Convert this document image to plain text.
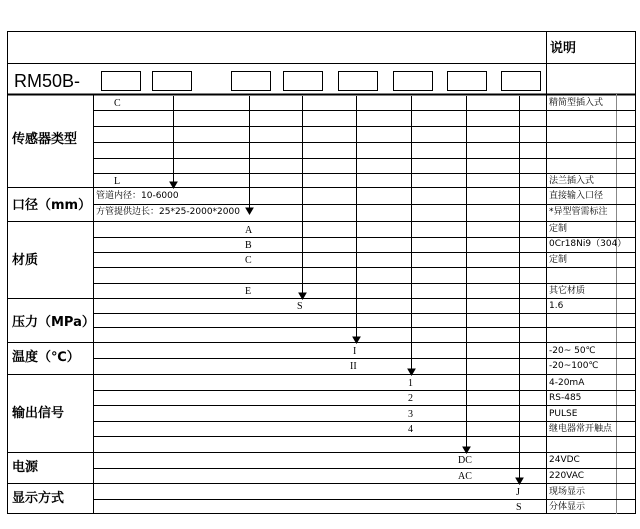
说明
RM50B-
传感器类型
口径（mm）
材质
压力（MPa）
温度（℃）
输出信号
电源
显示方式
C
L
A
B
C
E
S
I
II
1
2
3
4
DC
AC
J
S
管道内径：10-6000
方管提供边长：25*25-2000*2000
精简型插入式
法兰插入式
直接输入口径
*异型管需标注
定制
0Cr18Ni9（304）
定制
其它材质
1.6
-20~ 50℃
-20~100℃
4-20mA
RS-485
PULSE
继电器常开触点
24VDC
220VAC
现场显示
分体显示
